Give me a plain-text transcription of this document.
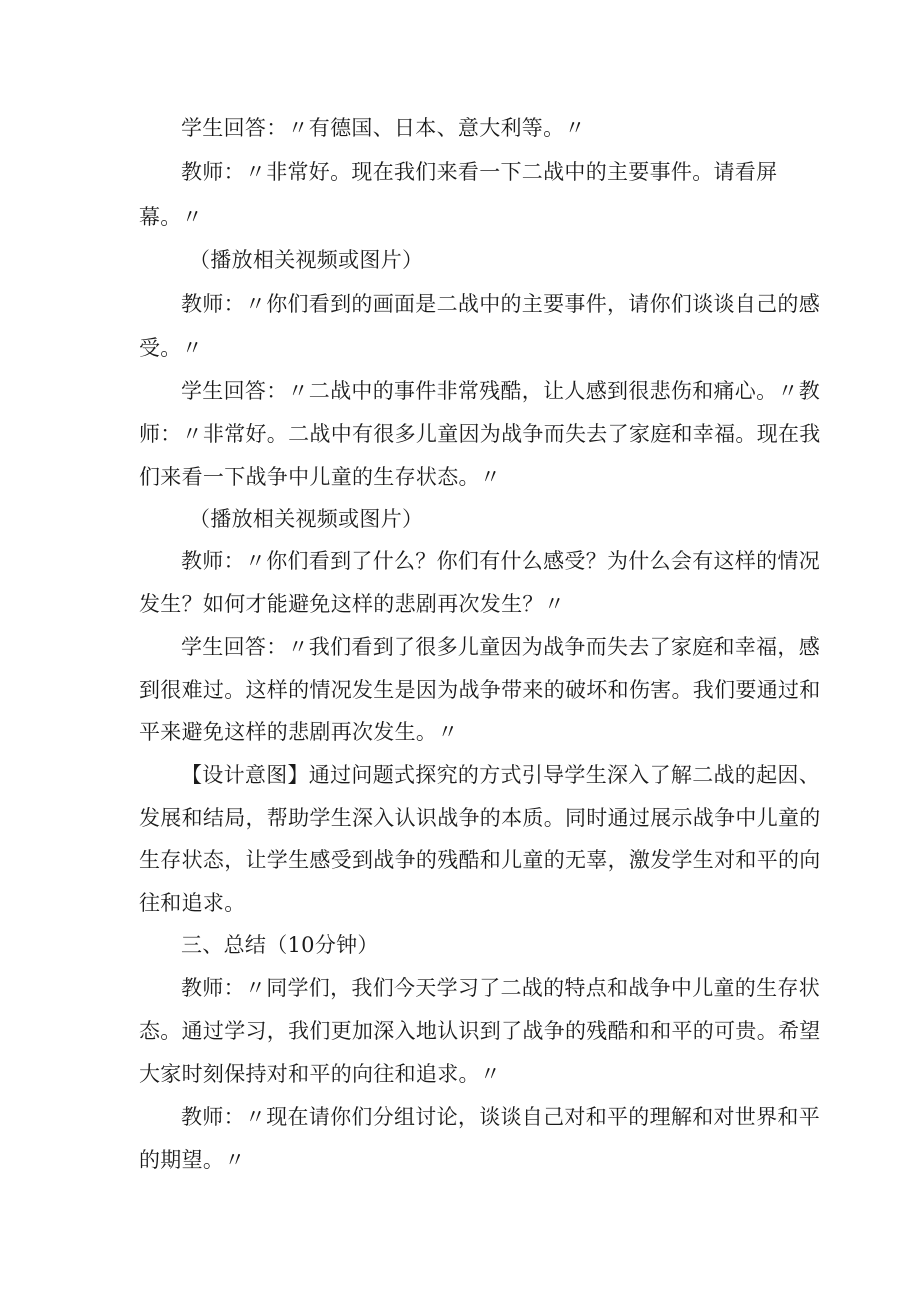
学生回答：〃有德国、日本、意大利等。〃

教师：〃非常好。现在我们来看一下二战中的主要事件。请看屏

幕。〃

（播放相关视频或图片）

教师：〃你们看到的画面是二战中的主要事件，请你们谈谈自己的感

受。〃

学生回答：〃二战中的事件非常残酷，让人感到很悲伤和痛心。〃教

师：〃非常好。二战中有很多儿童因为战争而失去了家庭和幸福。现在我

们来看一下战争中儿童的生存状态。〃

（播放相关视频或图片）

教师：〃你们看到了什么？你们有什么感受？为什么会有这样的情况

发生？如何才能避免这样的悲剧再次发生？〃

学生回答：〃我们看到了很多儿童因为战争而失去了家庭和幸福，感

到很难过。这样的情况发生是因为战争带来的破坏和伤害。我们要通过和

平来避免这样的悲剧再次发生。〃

【设计意图】通过问题式探究的方式引导学生深入了解二战的起因、

发展和结局，帮助学生深入认识战争的本质。同时通过展示战争中儿童的

生存状态，让学生感受到战争的残酷和儿童的无辜，激发学生对和平的向

往和追求。

三、总结（10分钟）

教师：〃同学们，我们今天学习了二战的特点和战争中儿童的生存状

态。通过学习，我们更加深入地认识到了战争的残酷和和平的可贵。希望

大家时刻保持对和平的向往和追求。〃

教师：〃现在请你们分组讨论，谈谈自己对和平的理解和对世界和平

的期望。〃
